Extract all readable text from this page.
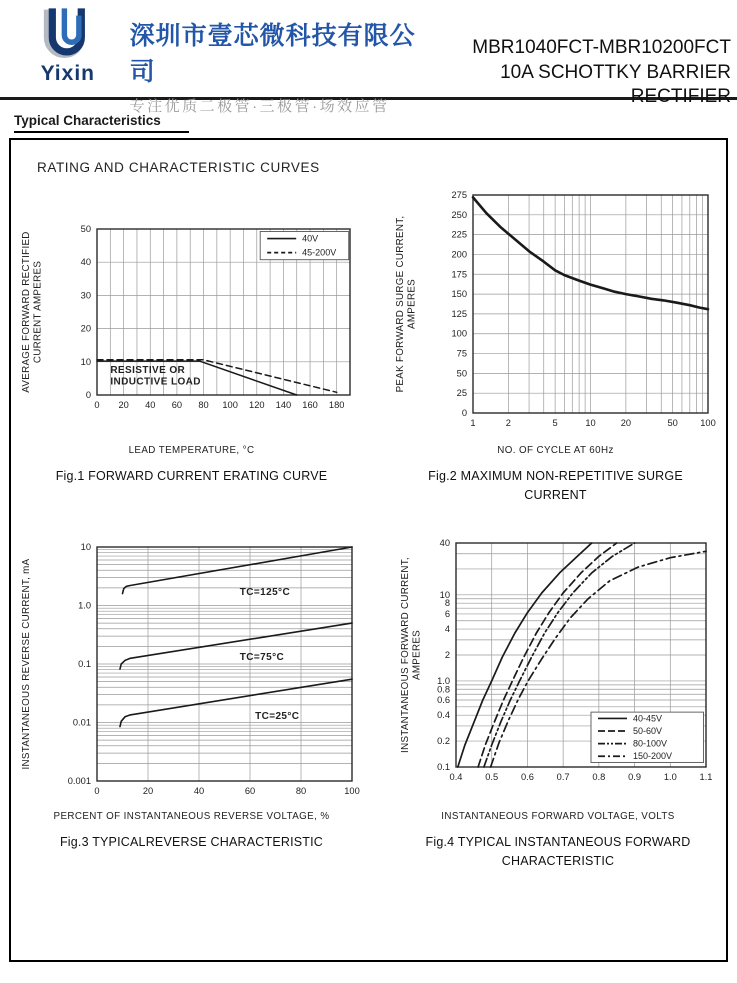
Yixin
深圳市壹芯微科技有限公司
专注优质二极管·三极管·场效应管
MBR1040FCT-MBR10200FCT
10A SCHOTTKY BARRIER RECTIFIER
Typical Characteristics
RATING AND CHARACTERISTIC CURVES
0 20 40 60 80 100 120 140 160 180
0
10
20
30
40
50
RESISTIVE OR
INDUCTIVE LOAD
40V
45-200V
AVERAGE FORWARD RECTIFIED CURRENT AMPERES
LEAD TEMPERATURE, °C
Fig.1 FORWARD CURRENT ERATING CURVE
1	2	5	10	20	50 100
0
25
50
75
100
125
150
175
200
225
250
275
PEAK FORWARD SURGE CURRENT, AMPERES
NO. OF CYCLE AT 60Hz
Fig.2 MAXIMUM NON-REPETITIVE SURGE CURRENT
0	20	40	60	80	100
0.001
0.01
0.1
1.0
10
TC=125°C
TC=75°C
TC=25°C
INSTANTANEOUS REVERSE CURRENT, mA
PERCENT OF INSTANTANEOUS REVERSE VOLTAGE, %
Fig.3 TYPICALREVERSE CHARACTERISTIC
0.4 0.5 0.6 0.7 0.8 0.9 1.0 1.1
0.1
0.2
0.4
0.6
0.8
1.0
2
4
6
8
10
40
40-45V
50-60V
80-100V
150-200V
INSTANTANEOUS FORWARD CURRENT, AMPERES
INSTANTANEOUS FORWARD VOLTAGE, VOLTS
Fig.4 TYPICAL INSTANTANEOUS FORWARD CHARACTERISTIC
